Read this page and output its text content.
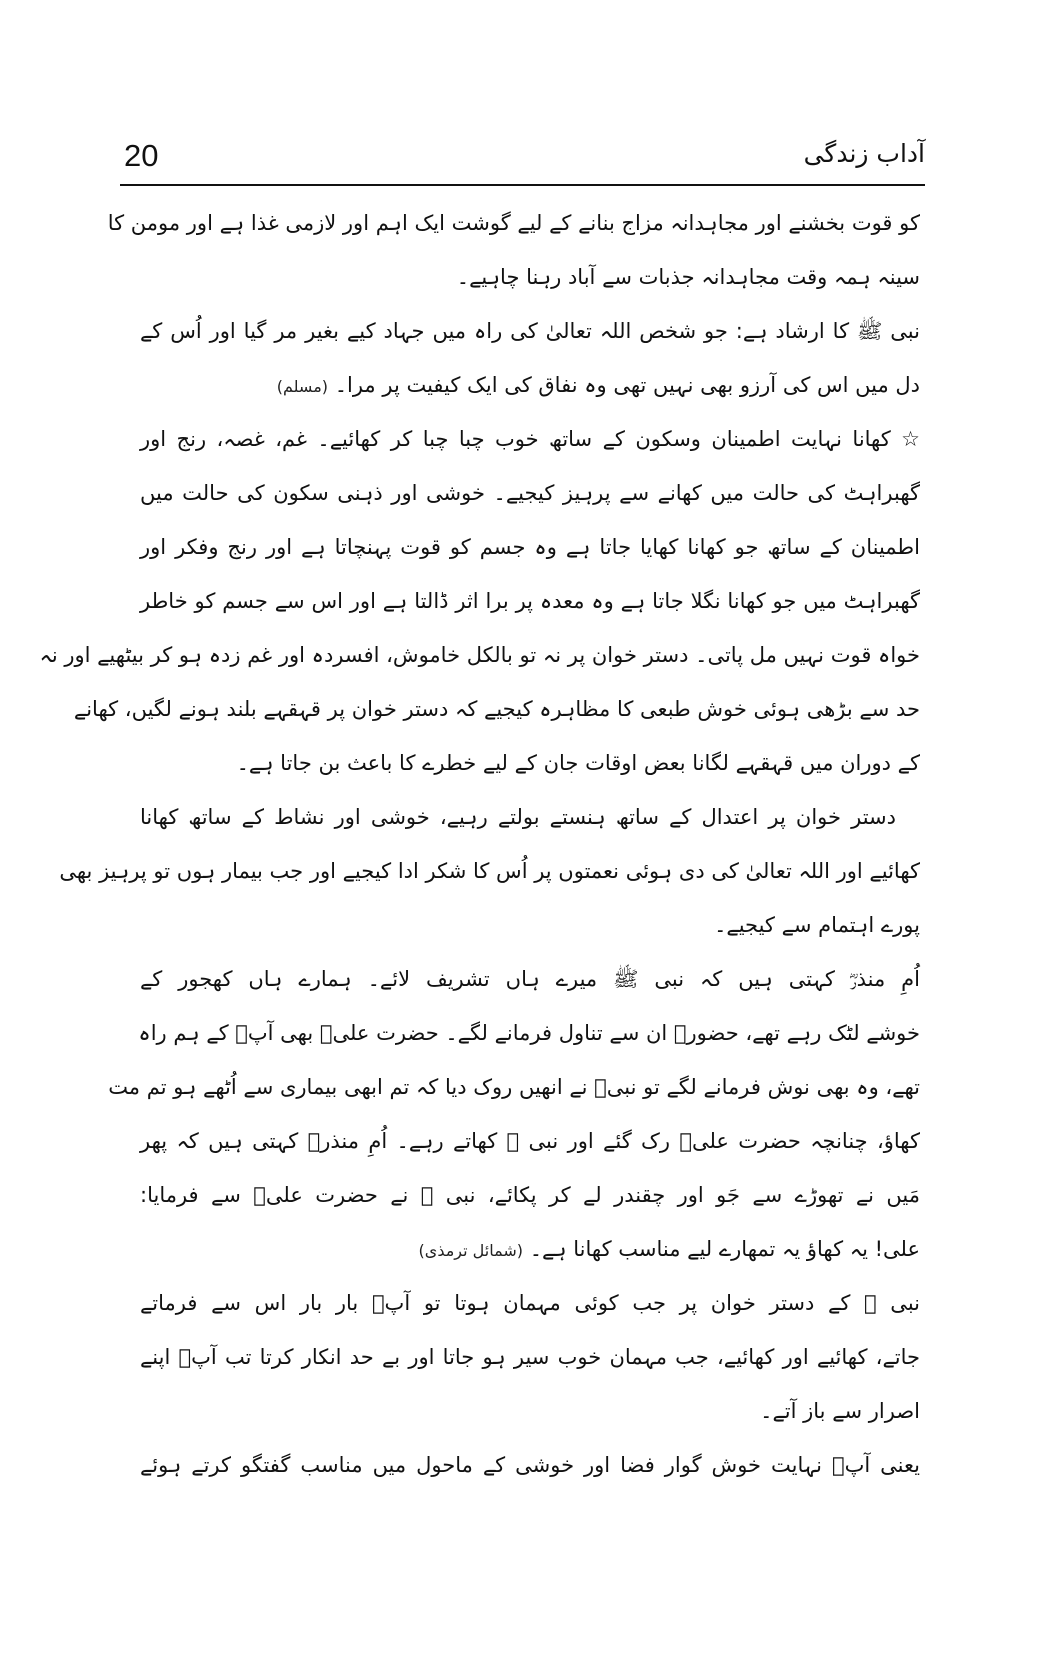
20	آداب زندگی
کو قوت بخشنے اور مجاہدانہ مزاج بنانے کے لیے گوشت ایک اہم اور لازمی غذا ہے اور مومن کا
سینہ ہمہ وقت مجاہدانہ جذبات سے آباد رہنا چاہیے۔
نبی ﷺ کا ارشاد ہے: جو شخص اللہ تعالیٰ کی راہ میں جہاد کیے بغیر مر گیا اور اُس کے
دل میں اس کی آرزو بھی نہیں تھی وہ نفاق کی ایک کیفیت پر مرا۔ (مسلم)
☆ کھانا نہایت اطمینان وسکون کے ساتھ خوب چبا چبا کر کھائیے۔ غم، غصہ، رنج اور
گھبراہٹ کی حالت میں کھانے سے پرہیز کیجیے۔ خوشی اور ذہنی سکون کی حالت میں
اطمینان کے ساتھ جو کھانا کھایا جاتا ہے وہ جسم کو قوت پہنچاتا ہے اور رنج وفکر اور
گھبراہٹ میں جو کھانا نگلا جاتا ہے وہ معدہ پر برا اثر ڈالتا ہے اور اس سے جسم کو خاطر
خواہ قوت نہیں مل پاتی۔ دستر خوان پر نہ تو بالکل خاموش، افسردہ اور غم زدہ ہو کر بیٹھیے اور نہ
حد سے بڑھی ہوئی خوش طبعی کا مظاہرہ کیجیے کہ دستر خوان پر قہقہے بلند ہونے لگیں، کھانے
کے دوران میں قہقہے لگانا بعض اوقات جان کے لیے خطرے کا باعث بن جاتا ہے۔
دستر خوان پر اعتدال کے ساتھ ہنستے بولتے رہیے، خوشی اور نشاط کے ساتھ کھانا
کھائیے اور اللہ تعالیٰ کی دی ہوئی نعمتوں پر اُس کا شکر ادا کیجیے اور جب بیمار ہوں تو پرہیز بھی
پورے اہتمام سے کیجیے۔
اُمِ منذرؓ کہتی ہیں کہ نبی ﷺ میرے ہاں تشریف لائے۔ ہمارے ہاں کھجور کے
خوشے لٹک رہے تھے، حضورؐ ان سے تناول فرمانے لگے۔ حضرت علیؓ بھی آپؐ کے ہم راہ
تھے، وہ بھی نوش فرمانے لگے تو نبیؐ نے انھیں روک دیا کہ تم ابھی بیماری سے اُٹھے ہو تم مت
کھاؤ، چنانچہ حضرت علیؓ رک گئے اور نبی ﷺ کھاتے رہے۔ اُمِ منذرؓ کہتی ہیں کہ پھر
مَیں نے تھوڑے سے جَو اور چقندر لے کر پکائے، نبی ﷺ نے حضرت علیؓ سے فرمایا:
علی! یہ کھاؤ یہ تمھارے لیے مناسب کھانا ہے۔ (شمائل ترمذی)
نبی ﷺ کے دستر خوان پر جب کوئی مہمان ہوتا تو آپؐ بار بار اس سے فرماتے
جاتے، کھائیے اور کھائیے، جب مہمان خوب سیر ہو جاتا اور بے حد انکار کرتا تب آپؐ اپنے
اصرار سے باز آتے۔
یعنی آپؐ نہایت خوش گوار فضا اور خوشی کے ماحول میں مناسب گفتگو کرتے ہوئے
